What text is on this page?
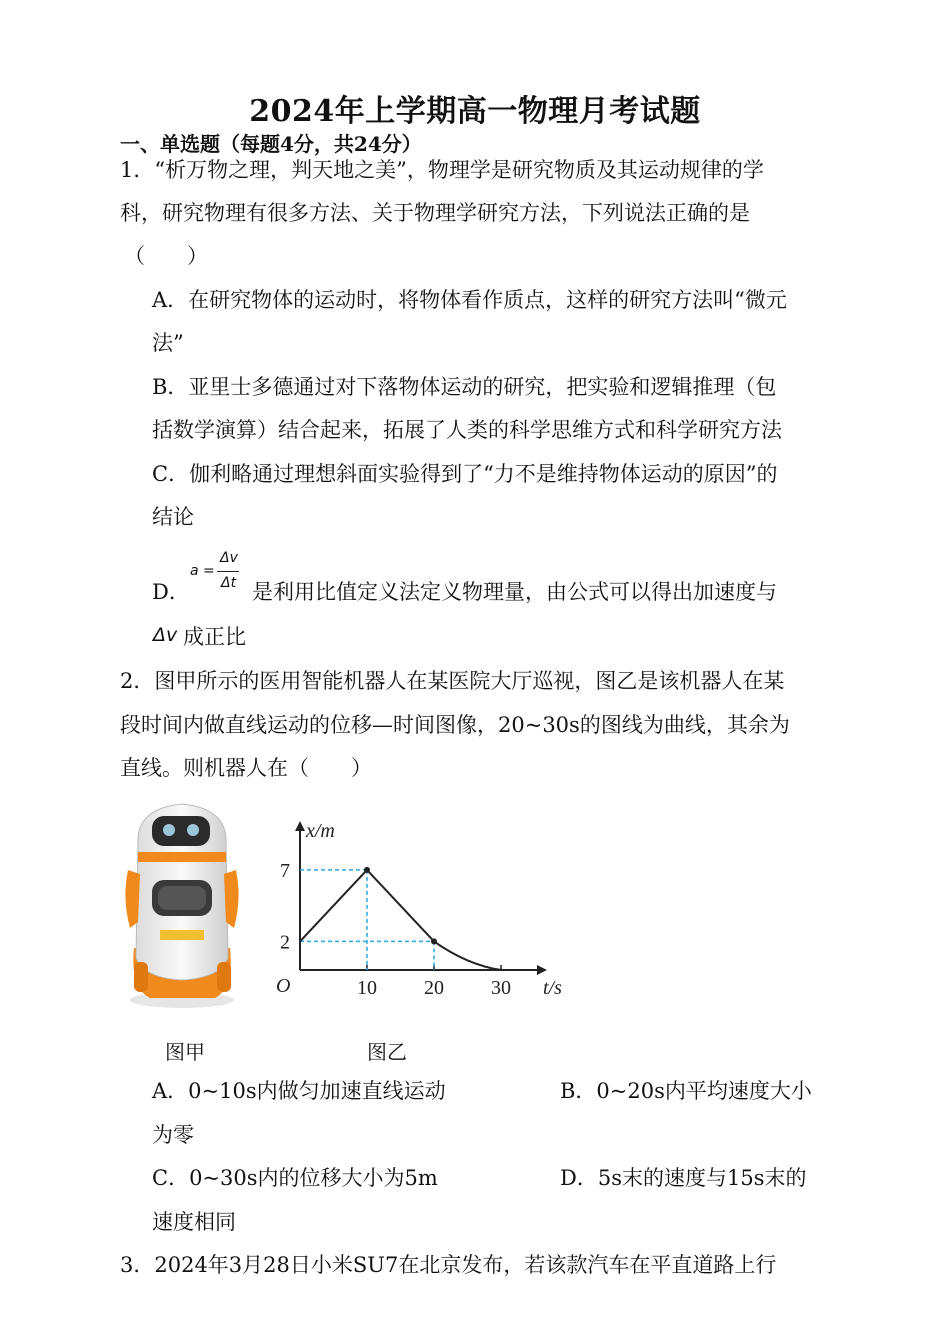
2024年上学期高一物理月考试题
一、单选题（每题4分，共24分）
1．“析万物之理，判天地之美”，物理学是研究物质及其运动规律的学
科，研究物理有很多方法、关于物理学研究方法，下列说法正确的是
（　　）
A．在研究物体的运动时，将物体看作质点，这样的研究方法叫“微元
法”
B．亚里士多德通过对下落物体运动的研究，把实验和逻辑推理（包
括数学演算）结合起来，拓展了人类的科学思维方式和科学研究方法
C．伽利略通过理想斜面实验得到了“力不是维持物体运动的原因”的
结论
D．
a =
Δv
Δt 是利用比值定义法定义物理量，由公式可以得出加速度与
Δv 成正比
2．图甲所示的医用智能机器人在某医院大厅巡视，图乙是该机器人在某
段时间内做直线运动的位移—时间图像，20~30s的图线为曲线，其余为
直线。则机器人在（　　）
x/m
t/s
O	10 20 30
2
7
图甲	图乙
A．0~10s内做匀加速直线运动	B．0~20s内平均速度大小
为零
C．0~30s内的位移大小为5m	D．5s末的速度与15s末的
速度相同
3．2024年3月28日小米SU7在北京发布，若该款汽车在平直道路上行
